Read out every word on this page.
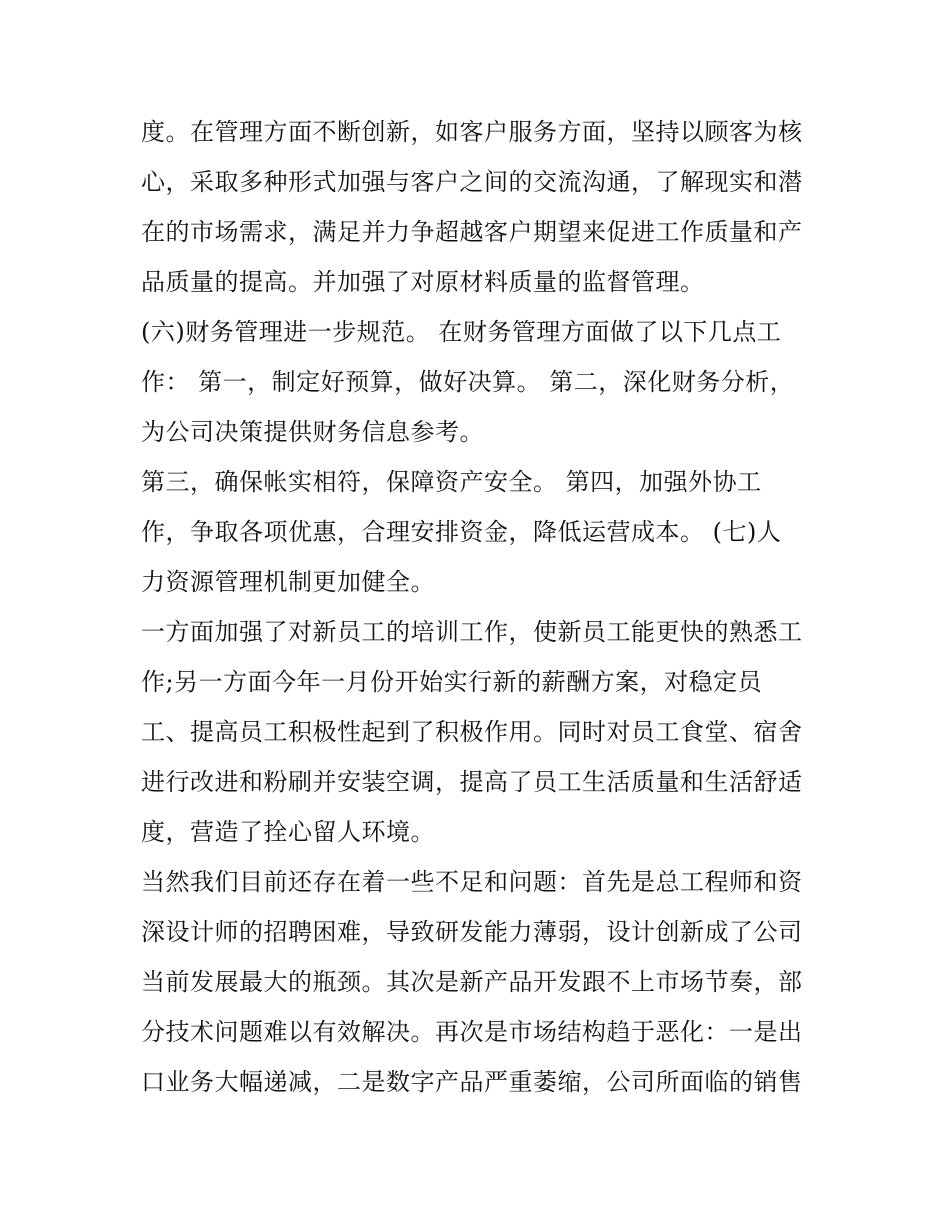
度。在管理方面不断创新，如客户服务方面，坚持以顾客为核
心，采取多种形式加强与客户之间的交流沟通，了解现实和潜
在的市场需求，满足并力争超越客户期望来促进工作质量和产
品质量的提高。并加强了对原材料质量的监督管理。
(六)财务管理进一步规范。 在财务管理方面做了以下几点工
作： 第一，制定好预算，做好决算。 第二，深化财务分析，
为公司决策提供财务信息参考。
第三，确保帐实相符，保障资产安全。 第四，加强外协工
作，争取各项优惠，合理安排资金，降低运营成本。 (七)人
力资源管理机制更加健全。
一方面加强了对新员工的培训工作，使新员工能更快的熟悉工
作;另一方面今年一月份开始实行新的薪酬方案，对稳定员
工、提高员工积极性起到了积极作用。同时对员工食堂、宿舍
进行改进和粉刷并安装空调，提高了员工生活质量和生活舒适
度，营造了拴心留人环境。
当然我们目前还存在着一些不足和问题：首先是总工程师和资
深设计师的招聘困难，导致研发能力薄弱，设计创新成了公司
当前发展最大的瓶颈。其次是新产品开发跟不上市场节奏，部
分技术问题难以有效解决。再次是市场结构趋于恶化：一是出
口业务大幅递减，二是数字产品严重萎缩，公司所面临的销售
